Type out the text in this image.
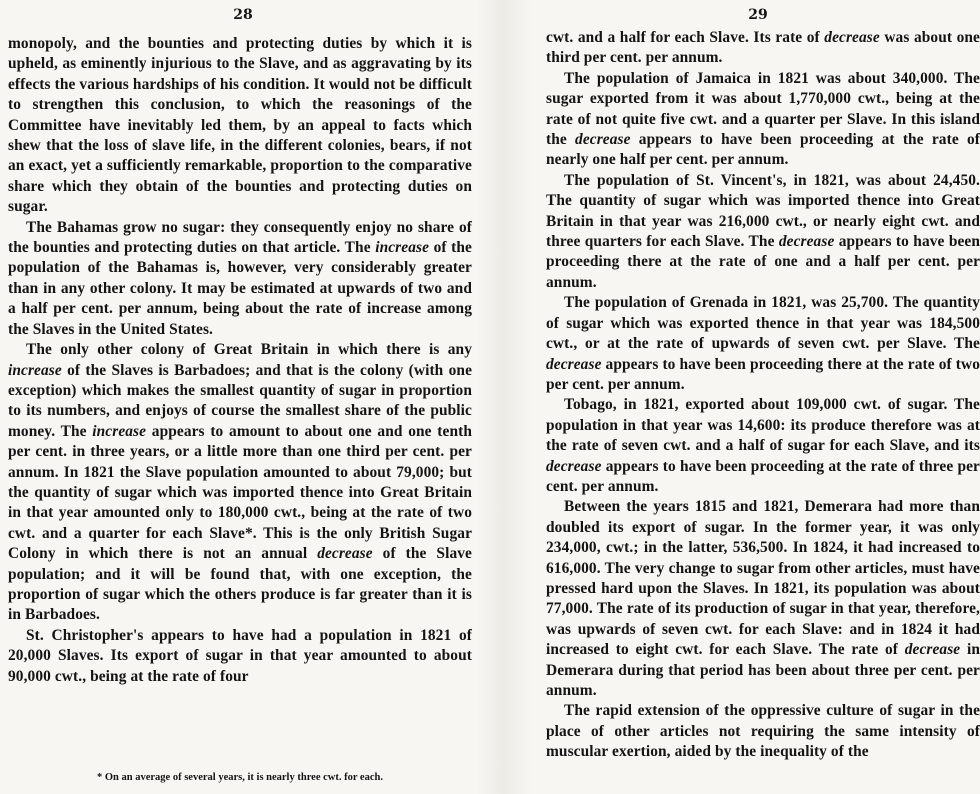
28

monopoly, and the bounties and protecting duties by which it is upheld, as eminently injurious to the Slave, and as aggravating by its effects the various hardships of his condition. It would not be difficult to strengthen this conclusion, to which the reasonings of the Committee have inevitably led them, by an appeal to facts which shew that the loss of slave life, in the different colonies, bears, if not an exact, yet a sufficiently remarkable, proportion to the comparative share which they obtain of the bounties and protecting duties on sugar.

The Bahamas grow no sugar: they consequently enjoy no share of the bounties and protecting duties on that article. The increase of the population of the Bahamas is, however, very considerably greater than in any other colony. It may be estimated at upwards of two and a half per cent. per annum, being about the rate of increase among the Slaves in the United States.

The only other colony of Great Britain in which there is any increase of the Slaves is Barbadoes; and that is the colony (with one exception) which makes the smallest quantity of sugar in proportion to its numbers, and enjoys of course the smallest share of the public money. The increase appears to amount to about one and one tenth per cent. in three years, or a little more than one third per cent. per annum. In 1821 the Slave population amounted to about 79,000; but the quantity of sugar which was imported thence into Great Britain in that year amounted only to 180,000 cwt., being at the rate of two cwt. and a quarter for each Slave*. This is the only British Sugar Colony in which there is not an annual decrease of the Slave population; and it will be found that, with one exception, the proportion of sugar which the others produce is far greater than it is in Barbadoes.

St. Christopher's appears to have had a population in 1821 of 20,000 Slaves. Its export of sugar in that year amounted to about 90,000 cwt., being at the rate of four

* On an average of several years, it is nearly three cwt. for each.
29

cwt. and a half for each Slave. Its rate of decrease was about one third per cent. per annum.

The population of Jamaica in 1821 was about 340,000. The sugar exported from it was about 1,770,000 cwt., being at the rate of not quite five cwt. and a quarter per Slave. In this island the decrease appears to have been proceeding at the rate of nearly one half per cent. per annum.

The population of St. Vincent's, in 1821, was about 24,450. The quantity of sugar which was imported thence into Great Britain in that year was 216,000 cwt., or nearly eight cwt. and three quarters for each Slave. The decrease appears to have been proceeding there at the rate of one and a half per cent. per annum.

The population of Grenada in 1821, was 25,700. The quantity of sugar which was exported thence in that year was 184,500 cwt., or at the rate of upwards of seven cwt. per Slave. The decrease appears to have been proceeding there at the rate of two per cent. per annum.

Tobago, in 1821, exported about 109,000 cwt. of sugar. The population in that year was 14,600: its produce therefore was at the rate of seven cwt. and a half of sugar for each Slave, and its decrease appears to have been proceeding at the rate of three per cent. per annum.

Between the years 1815 and 1821, Demerara had more than doubled its export of sugar. In the former year, it was only 234,000, cwt.; in the latter, 536,500. In 1824, it had increased to 616,000. The very change to sugar from other articles, must have pressed hard upon the Slaves. In 1821, its population was about 77,000. The rate of its production of sugar in that year, therefore, was upwards of seven cwt. for each Slave: and in 1824 it had increased to eight cwt. for each Slave. The rate of decrease in Demerara during that period has been about three per cent. per annum.

The rapid extension of the oppressive culture of sugar in the place of other articles not requiring the same intensity of muscular exertion, aided by the inequality of the
